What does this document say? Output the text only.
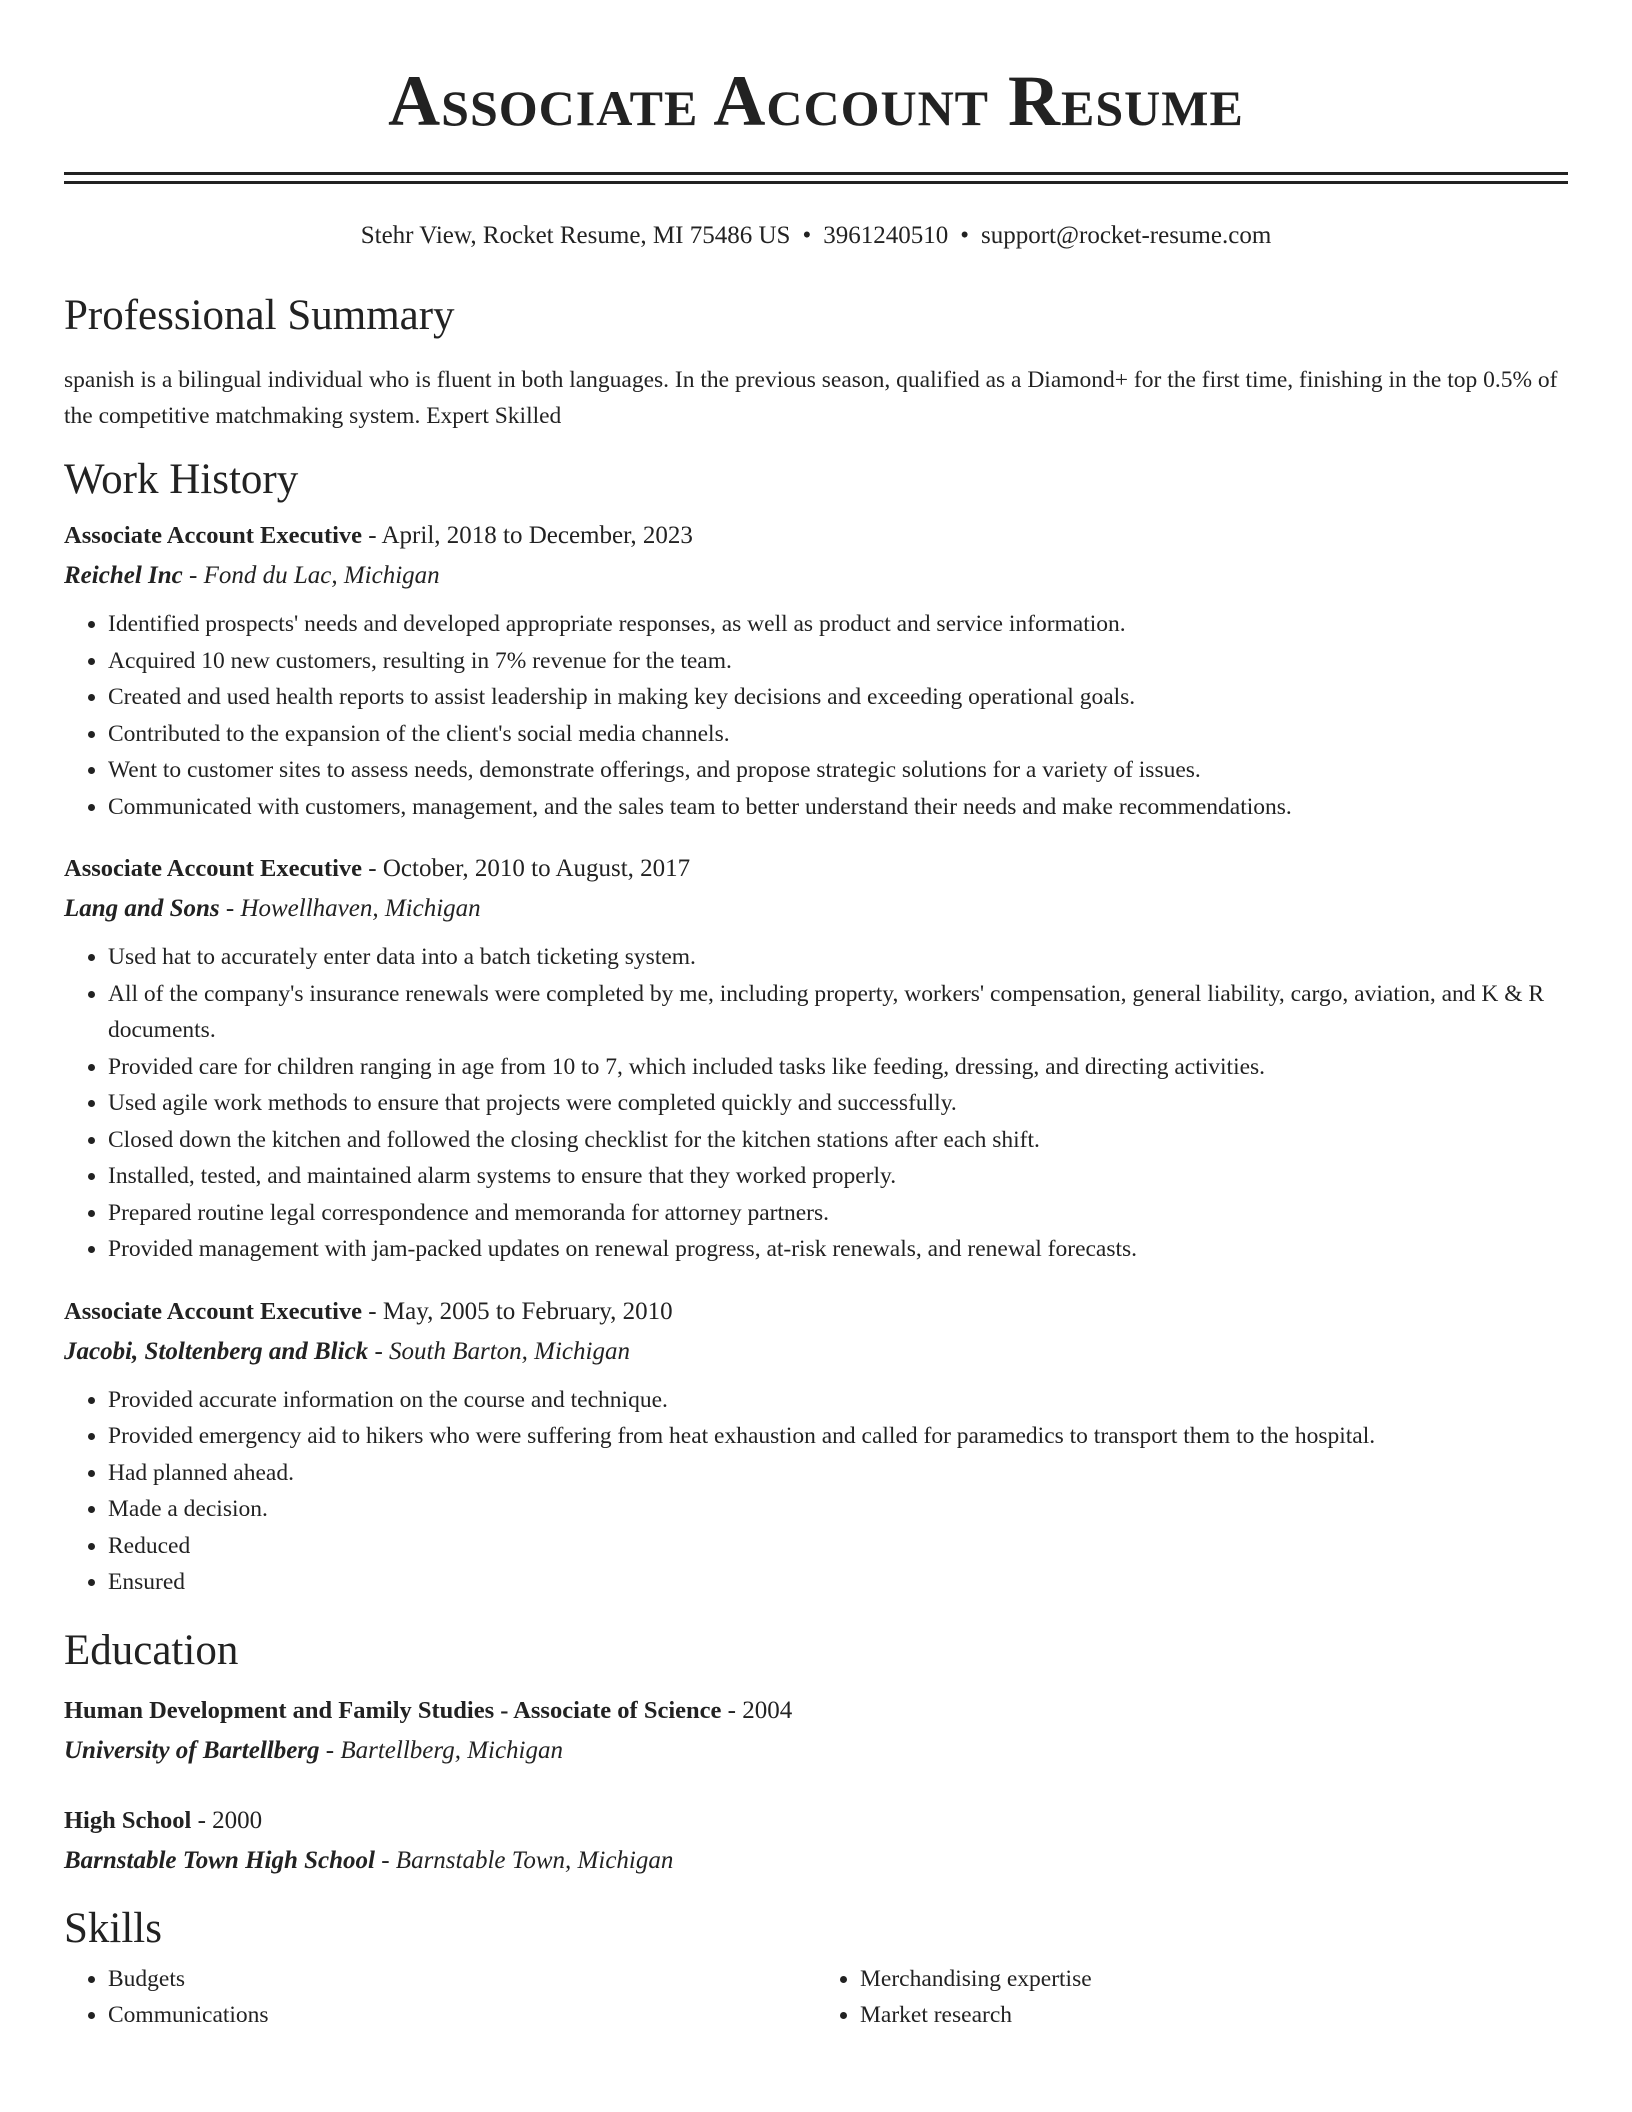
Associate Account Resume
Stehr View, Rocket Resume, MI 75486 US • 3961240510 • support@rocket-resume.com
Professional Summary

spanish is a bilingual individual who is fluent in both languages. In the previous season, qualified as a Diamond+ for the first time, finishing in the top 0.5% of the competitive matchmaking system. Expert Skilled

Work History
Associate Account Executive - April, 2018 to December, 2023
Reichel Inc - Fond du Lac, Michigan
• Identified prospects' needs and developed appropriate responses, as well as product and service information.
• Acquired 10 new customers, resulting in 7% revenue for the team.
• Created and used health reports to assist leadership in making key decisions and exceeding operational goals.
• Contributed to the expansion of the client's social media channels.
• Went to customer sites to assess needs, demonstrate offerings, and propose strategic solutions for a variety of issues.
• Communicated with customers, management, and the sales team to better understand their needs and make recommendations.
Associate Account Executive - October, 2010 to August, 2017
Lang and Sons - Howellhaven, Michigan
• Used hat to accurately enter data into a batch ticketing system.
• All of the company's insurance renewals were completed by me, including property, workers' compensation, general liability, cargo, aviation, and K & R documents.
• Provided care for children ranging in age from 10 to 7, which included tasks like feeding, dressing, and directing activities.
• Used agile work methods to ensure that projects were completed quickly and successfully.
• Closed down the kitchen and followed the closing checklist for the kitchen stations after each shift.
• Installed, tested, and maintained alarm systems to ensure that they worked properly.
• Prepared routine legal correspondence and memoranda for attorney partners.
• Provided management with jam-packed updates on renewal progress, at-risk renewals, and renewal forecasts.
Associate Account Executive - May, 2005 to February, 2010
Jacobi, Stoltenberg and Blick - South Barton, Michigan
• Provided accurate information on the course and technique.
• Provided emergency aid to hikers who were suffering from heat exhaustion and called for paramedics to transport them to the hospital.
• Had planned ahead.
• Made a decision.
• Reduced
• Ensured
Education
Human Development and Family Studies - Associate of Science - 2004
University of Bartellberg - Bartellberg, Michigan
High School - 2000
Barnstable Town High School - Barnstable Town, Michigan
Skills
• Budgets
• Communications
• Merchandising expertise
• Market research
